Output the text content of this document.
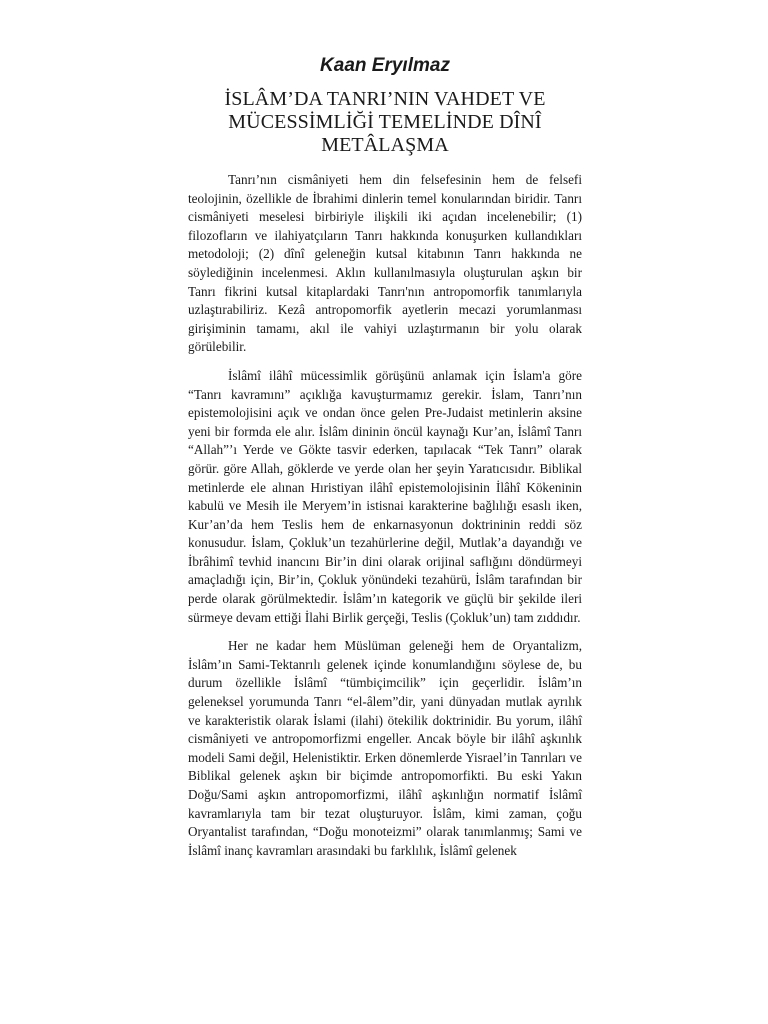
Kaan Eryılmaz
İSLÂM’DA TANRI’NIN VAHDET VE
MÜCESSİMLİĞİ TEMELİNDE DÎNÎ
METÂLAŞMA

Tanrı’nın cismâniyeti hem din felsefesinin hem de felsefi teolojinin, özellikle de İbrahimi dinlerin temel konularından biridir. Tanrı cismâniyeti meselesi birbiriyle ilişkili iki açıdan incelenebilir; (1) filozofların ve ilahiyatçıların Tanrı hakkında konuşurken kullandıkları metodoloji; (2) dînî geleneğin kutsal kitabının Tanrı hakkında ne söylediğinin incelenmesi. Aklın kullanılmasıyla oluşturulan aşkın bir Tanrı fikrini kutsal kitaplardaki Tanrı'nın antropomorfik tanımlarıyla uzlaştırabiliriz. Kezâ antropomorfik ayetlerin mecazi yorumlanması girişiminin tamamı, akıl ile vahiyi uzlaştırmanın bir yolu olarak görülebilir.

İslâmî ilâhî mücessimlik görüşünü anlamak için İslam'a göre “Tanrı kavramını” açıklığa kavuşturmamız gerekir. İslam, Tanrı’nın epistemolojisini açık ve ondan önce gelen Pre-Judaist metinlerin aksine yeni bir formda ele alır. İslâm dininin öncül kaynağı Kur’an, İslâmî Tanrı “Allah”’ı Yerde ve Gökte tasvir ederken, tapılacak “Tek Tanrı” olarak görür. göre Allah, göklerde ve yerde olan her şeyin Yaratıcısıdır. Biblikal metinlerde ele alınan Hıristiyan ilâhî epistemolojisinin İlâhî Kökeninin kabulü ve Mesih ile Meryem’in istisnai karakterine bağlılığı esaslı iken, Kur’an’da hem Teslis hem de enkarnasyonun doktrininin reddi söz konusudur. İslam, Çokluk’un tezahürlerine değil, Mutlak’a dayandığı ve İbrâhimî tevhid inancını Bir’in dini olarak orijinal saflığını döndürmeyi amaçladığı için, Bir’in, Çokluk yönündeki tezahürü, İslâm tarafından bir perde olarak görülmektedir. İslâm’ın kategorik ve güçlü bir şekilde ileri sürmeye devam ettiği İlahi Birlik gerçeği, Teslis (Çokluk’un) tam zıddıdır.

Her ne kadar hem Müslüman geleneği hem de Oryantalizm, İslâm’ın Sami-Tektanrılı gelenek içinde konumlandığını söylese de, bu durum özellikle İslâmî “tümbiçimcilik” için geçerlidir. İslâm’ın geleneksel yorumunda Tanrı “el-âlem”dir, yani dünyadan mutlak ayrılık ve karakteristik olarak İslami (ilahi) ötekilik doktrinidir. Bu yorum, ilâhî cismâniyeti ve antropomorfizmi engeller. Ancak böyle bir ilâhî aşkınlık modeli Sami değil, Helenistiktir. Erken dönemlerde Yisrael’in Tanrıları ve Biblikal gelenek aşkın bir biçimde antropomorfikti. Bu eski Yakın Doğu/Sami aşkın antropomorfizmi, ilâhî aşkınlığın normatif İslâmî kavramlarıyla tam bir tezat oluşturuyor. İslâm, kimi zaman, çoğu Oryantalist tarafından, “Doğu monoteizmi” olarak tanımlanmış; Sami ve İslâmî inanç kavramları arasındaki bu farklılık, İslâmî gelenek
